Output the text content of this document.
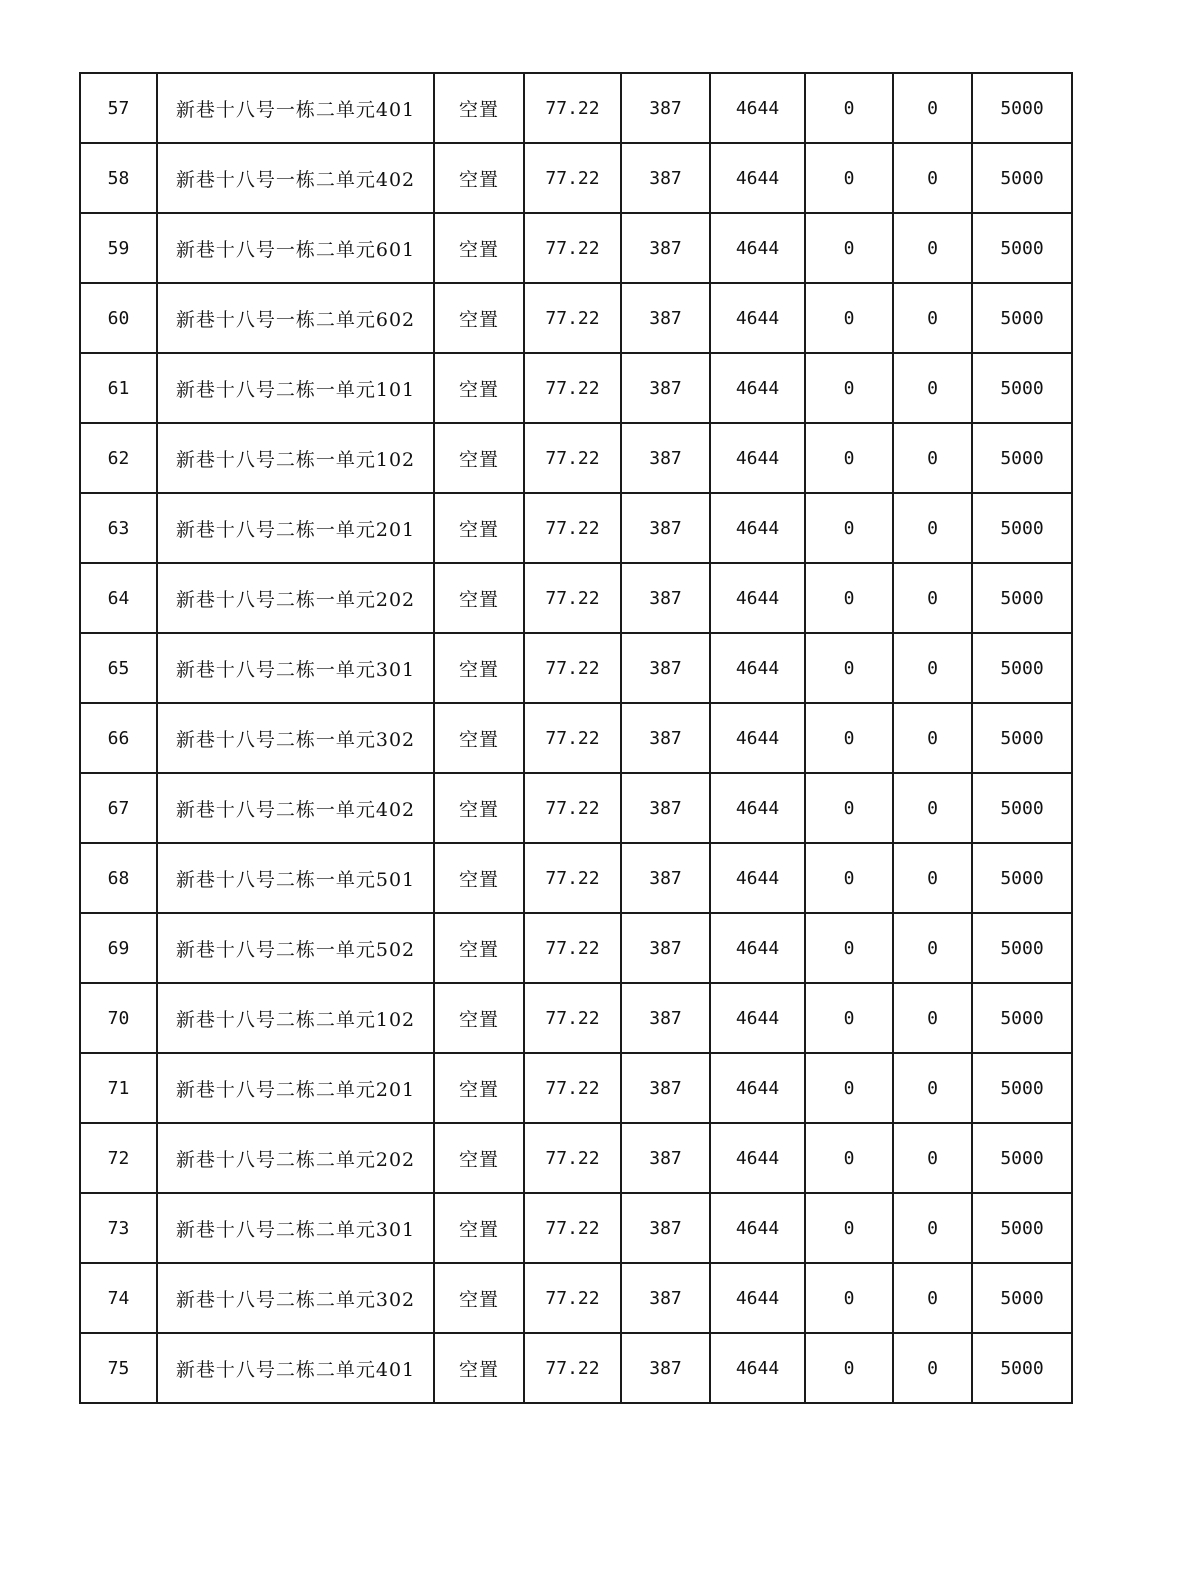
57	新巷十八号一栋二单元401	空置	77.22	387	4644	0	0	5000
58	新巷十八号一栋二单元402	空置	77.22	387	4644	0	0	5000
59	新巷十八号一栋二单元601	空置	77.22	387	4644	0	0	5000
60	新巷十八号一栋二单元602	空置	77.22	387	4644	0	0	5000
61	新巷十八号二栋一单元101	空置	77.22	387	4644	0	0	5000
62	新巷十八号二栋一单元102	空置	77.22	387	4644	0	0	5000
63	新巷十八号二栋一单元201	空置	77.22	387	4644	0	0	5000
64	新巷十八号二栋一单元202	空置	77.22	387	4644	0	0	5000
65	新巷十八号二栋一单元301	空置	77.22	387	4644	0	0	5000
66	新巷十八号二栋一单元302	空置	77.22	387	4644	0	0	5000
67	新巷十八号二栋一单元402	空置	77.22	387	4644	0	0	5000
68	新巷十八号二栋一单元501	空置	77.22	387	4644	0	0	5000
69	新巷十八号二栋一单元502	空置	77.22	387	4644	0	0	5000
70	新巷十八号二栋二单元102	空置	77.22	387	4644	0	0	5000
71	新巷十八号二栋二单元201	空置	77.22	387	4644	0	0	5000
72	新巷十八号二栋二单元202	空置	77.22	387	4644	0	0	5000
73	新巷十八号二栋二单元301	空置	77.22	387	4644	0	0	5000
74	新巷十八号二栋二单元302	空置	77.22	387	4644	0	0	5000
75	新巷十八号二栋二单元401	空置	77.22	387	4644	0	0	5000
